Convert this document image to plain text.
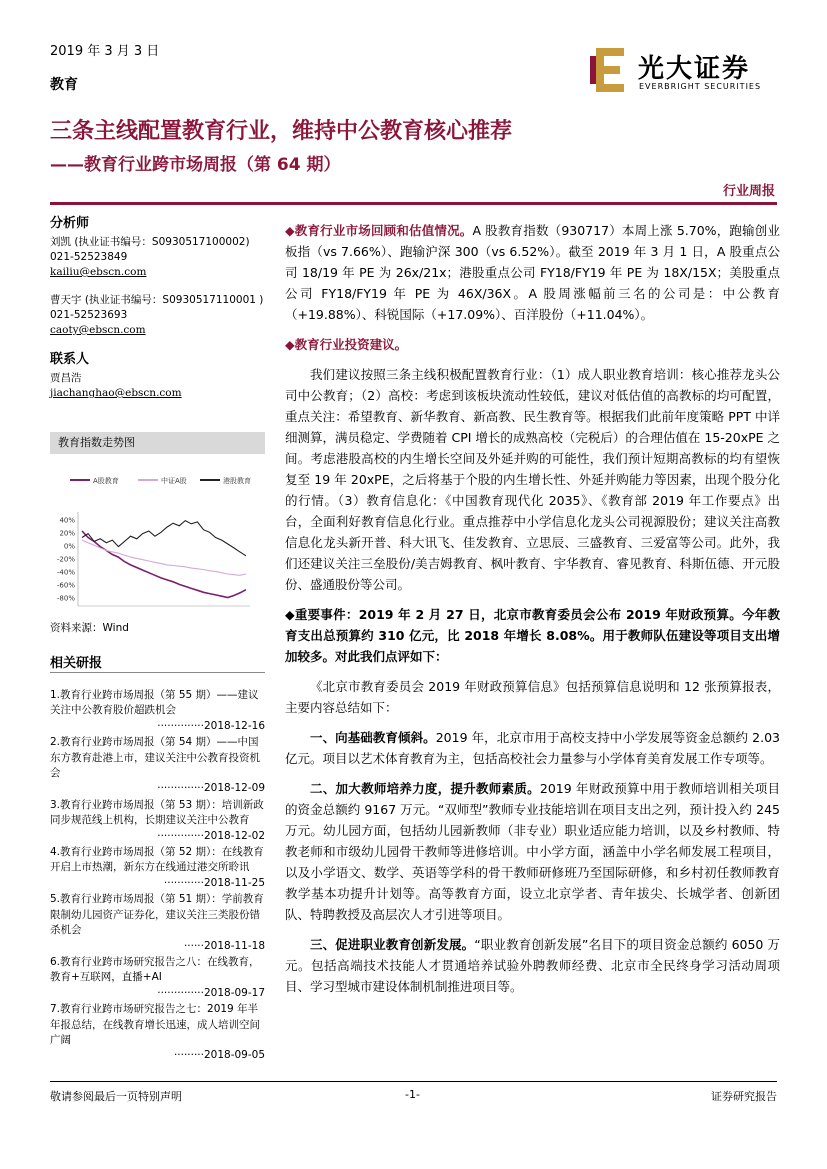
2019 年 3 月 3 日
教育
光大证券
EVERBRIGHT SECURITIES
三条主线配置教育行业，维持中公教育核心推荐
——教育行业跨市场周报（第 64 期）
行业周报
分析师
刘凯 (执业证书编号：S0930517100002)
021-52523849
kailiu@ebscn.com
曹天宇 (执业证书编号：S0930517110001 )
021-52523693
caoty@ebscn.com
联系人
贾昌浩
jiachanghao@ebscn.com
教育指数走势图
A股教育	中证A股	港股教育
40%
20%
0%
-20%
-40%
-60%
-80%
资料来源：Wind
相关研报
1.教育行业跨市场周报（第 55 期）——建议关注中公教育股价超跌机会
··············2018-12-16
2.教育行业跨市场周报（第 54 期）——中国东方教育赴港上市，建议关注中公教育投资机会
··············2018-12-09
3.教育行业跨市场周报（第 53 期）：培训新政同步规范线上机构，长期建议关注中公教育
··············2018-12-02
4.教育行业跨市场周报（第 52 期）：在线教育开启上市热潮，新东方在线通过港交所聆讯
············2018-11-25
5.教育行业跨市场周报（第 51 期）：学前教育限制幼儿园资产证券化，建议关注三类股份错杀机会
······2018-11-18
6.教育行业跨市场研究报告之八：在线教育，教育+互联网，直播+AI
··············2018-09-17
7.教育行业跨市场研究报告之七：2019 年半年报总结，在线教育增长迅速，成人培训空间广阔
·········2018-09-05

◆教育行业市场回顾和估值情况。A 股教育指数（930717）本周上涨 5.70%，跑输创业板指（vs 7.66%）、跑输沪深 300（vs 6.52%）。截至 2019 年 3 月 1 日，A 股重点公司 18/19 年 PE 为 26x/21x；港股重点公司 FY18/FY19 年 PE 为 18X/15X；美股重点公司 FY18/FY19 年 PE 为 46X/36X。A 股周涨幅前三名的公司是：中公教育（+19.88%）、科锐国际（+17.09%）、百洋股份（+11.04%）。

◆教育行业投资建议。

我们建议按照三条主线积极配置教育行业：（1）成人职业教育培训：核心推荐龙头公司中公教育；（2）高校：考虑到该板块流动性较低，建议对低估值的高教标的均可配置，重点关注：希望教育、新华教育、新高教、民生教育等。根据我们此前年度策略 PPT 中详细测算，满员稳定、学费随着 CPI 增长的成熟高校（完税后）的合理估值在 15-20xPE 之间。考虑港股高校的内生增长空间及外延并购的可能性，我们预计短期高教标的均有望恢复至 19 年 20xPE，之后将基于个股的内生增长性、外延并购能力等因素，出现个股分化的行情。（3）教育信息化：《中国教育现代化 2035》、《教育部 2019 年工作要点》出台，全面利好教育信息化行业。重点推荐中小学信息化龙头公司视源股份；建议关注高教信息化龙头新开普、科大讯飞、佳发教育、立思辰、三盛教育、三爱富等公司。此外，我们还建议关注三垒股份/美吉姆教育、枫叶教育、宇华教育、睿见教育、科斯伍德、开元股份、盛通股份等公司。

◆重要事件：2019 年 2 月 27 日，北京市教育委员会公布 2019 年财政预算。今年教育支出总预算约 310 亿元，比 2018 年增长 8.08%。用于教师队伍建设等项目支出增加较多。对此我们点评如下：

《北京市教育委员会 2019 年财政预算信息》包括预算信息说明和 12 张预算报表，主要内容总结如下：

一、向基础教育倾斜。2019 年，北京市用于高校支持中小学发展等资金总额约 2.03 亿元。项目以艺术体育教育为主，包括高校社会力量参与小学体育美育发展工作专项等。

二、加大教师培养力度，提升教师素质。2019 年财政预算中用于教师培训相关项目的资金总额约 9167 万元。“双师型”教师专业技能培训在项目支出之列，预计投入约 245 万元。幼儿园方面，包括幼儿园新教师（非专业）职业适应能力培训，以及乡村教师、特教老师和市级幼儿园骨干教师等进修培训。中小学方面，涵盖中小学名师发展工程项目，以及小学语文、数学、英语等学科的骨干教师研修班乃至国际研修，和乡村初任教师教育教学基本功提升计划等。高等教育方面，设立北京学者、青年拔尖、长城学者、创新团队、特聘教授及高层次人才引进等项目。

三、促进职业教育创新发展。“职业教育创新发展”名目下的项目资金总额约 6050 万元。包括高端技术技能人才贯通培养试验外聘教师经费、北京市全民终身学习活动周项目、学习型城市建设体制机制推进项目等。

敬请参阅最后一页特别声明	-1-	证券研究报告
